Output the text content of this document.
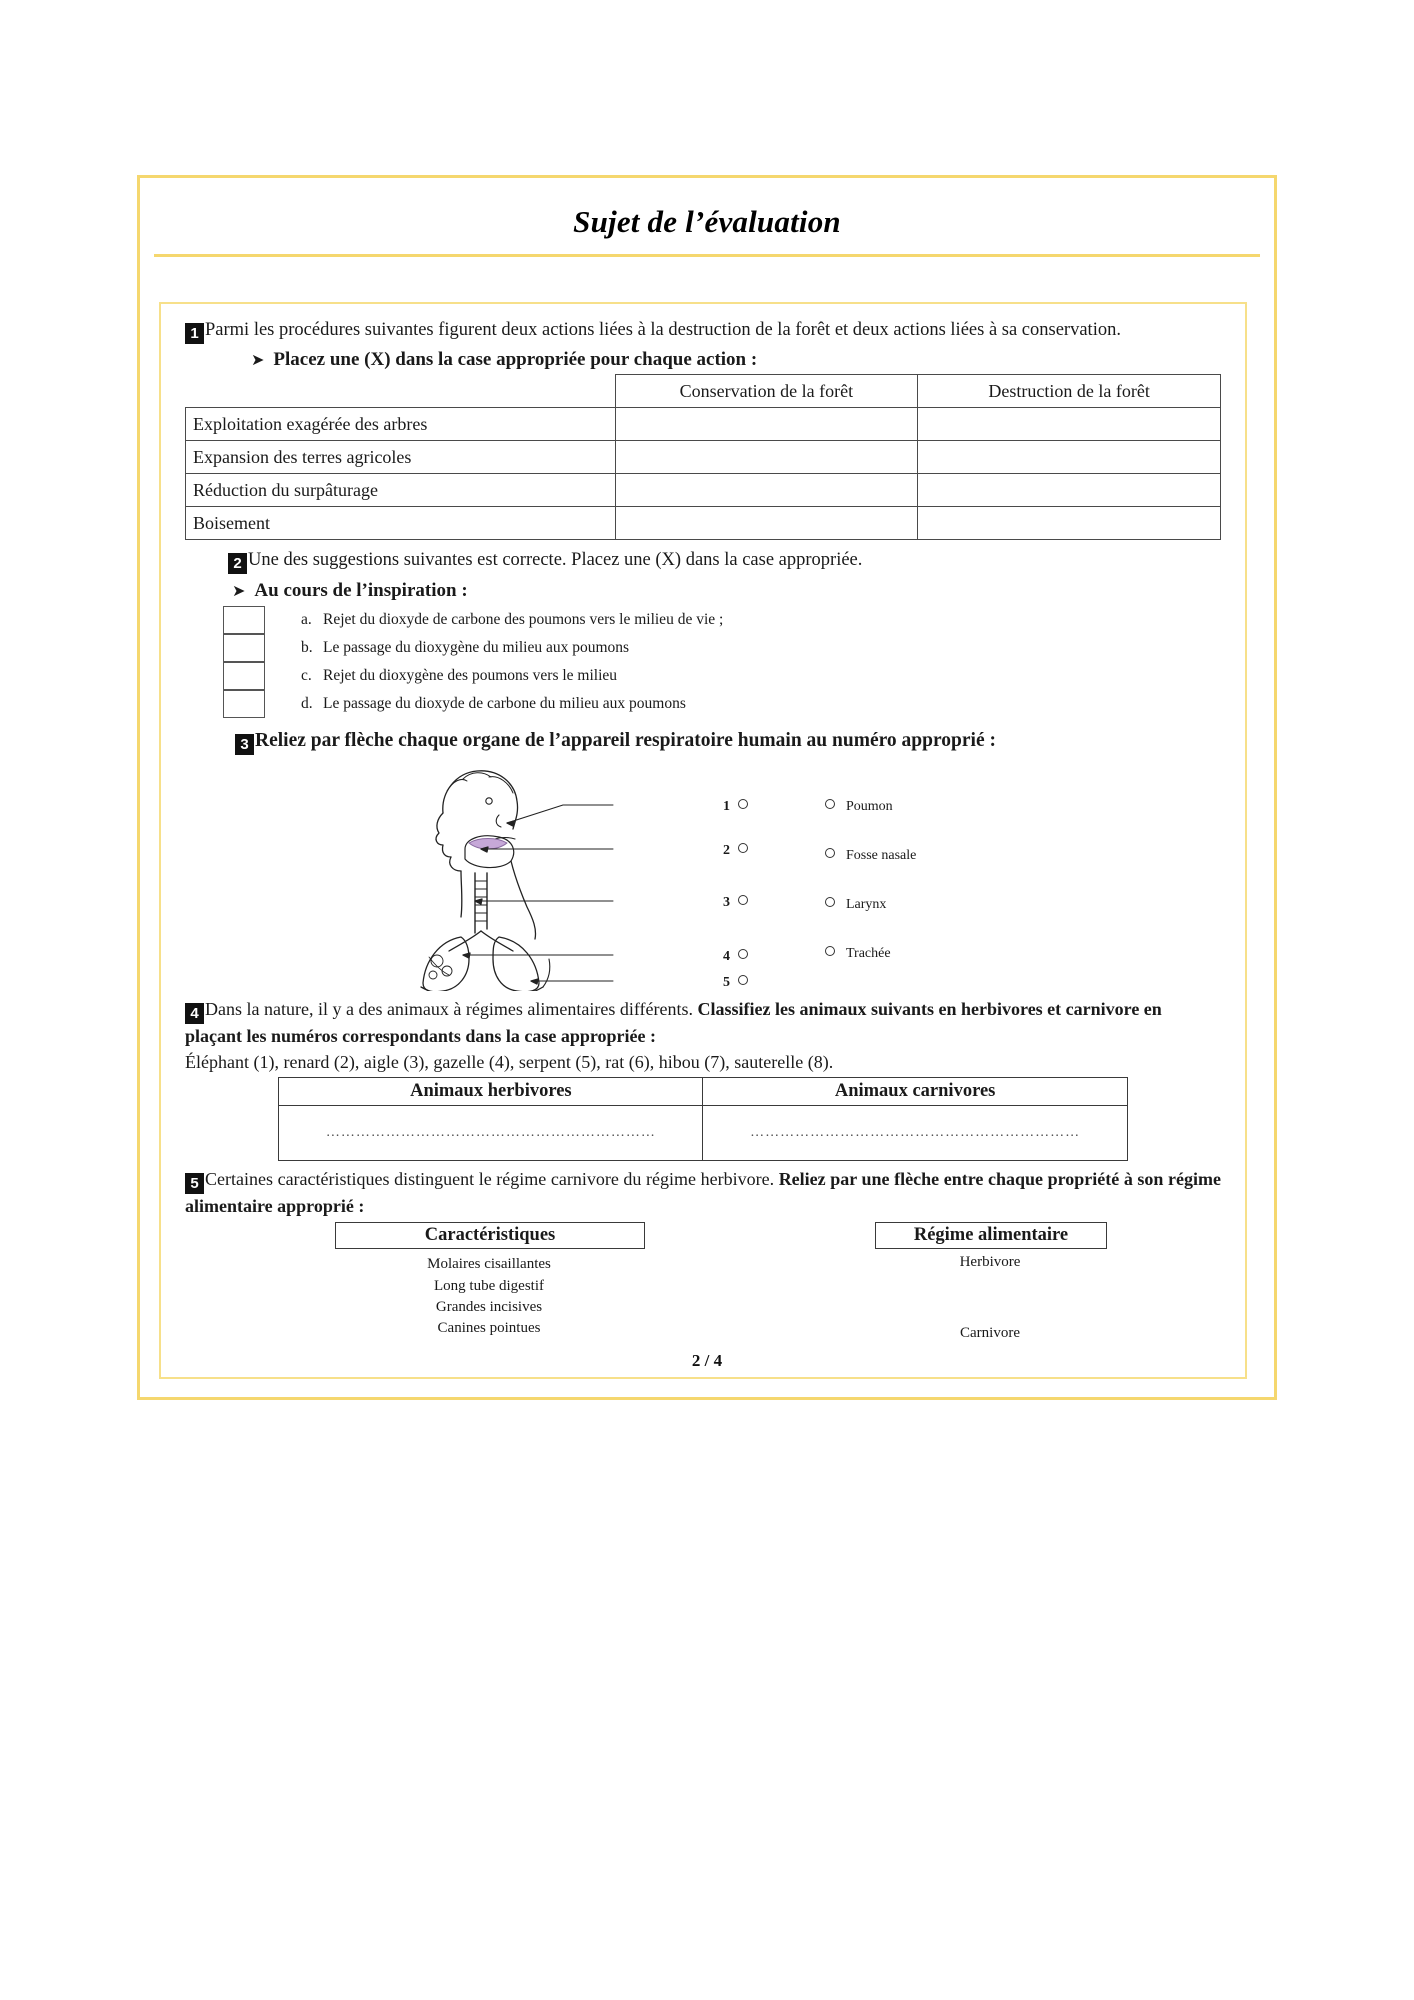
Sujet de l’évaluation
1 Parmi les procédures suivantes figurent deux actions liées à la destruction de la forêt et deux actions liées à sa conservation.
➤ Placez une (X) dans la case appropriée pour chaque action :
	Conservation de la forêt	Destruction de la forêt
Exploitation exagérée des arbres		
Expansion des terres agricoles		
Réduction du surpâturage		
Boisement		
2 Une des suggestions suivantes est correcte. Placez une (X) dans la case appropriée.
➤ Au cours de l’inspiration :
a. Rejet du dioxyde de carbone des poumons vers le milieu de vie ;
b. Le passage du dioxygène du milieu aux poumons
c. Rejet du dioxygène des poumons vers le milieu
d. Le passage du dioxyde de carbone du milieu aux poumons
3 Reliez par flèche chaque organe de l’appareil respiratoire humain au numéro approprié :
1
2
3
4
5
Poumon
Fosse nasale
Larynx
Trachée
4 Dans la nature, il y a des animaux à régimes alimentaires différents. Classifiez les animaux suivants en herbivores et carnivore en plaçant les numéros correspondants dans la case appropriée :
Éléphant (1), renard (2), aigle (3), gazelle (4), serpent (5), rat (6), hibou (7), sauterelle (8).
Animaux herbivores	Animaux carnivores
…………………………………………………………	…………………………………………………………
5 Certaines caractéristiques distinguent le régime carnivore du régime herbivore. Reliez par une flèche entre chaque propriété à son régime alimentaire approprié :
Caractéristiques	Régime alimentaire
Molaires cisaillantes
Long tube digestif
Grandes incisives
Canines pointues
Herbivore
Carnivore
2 / 4
